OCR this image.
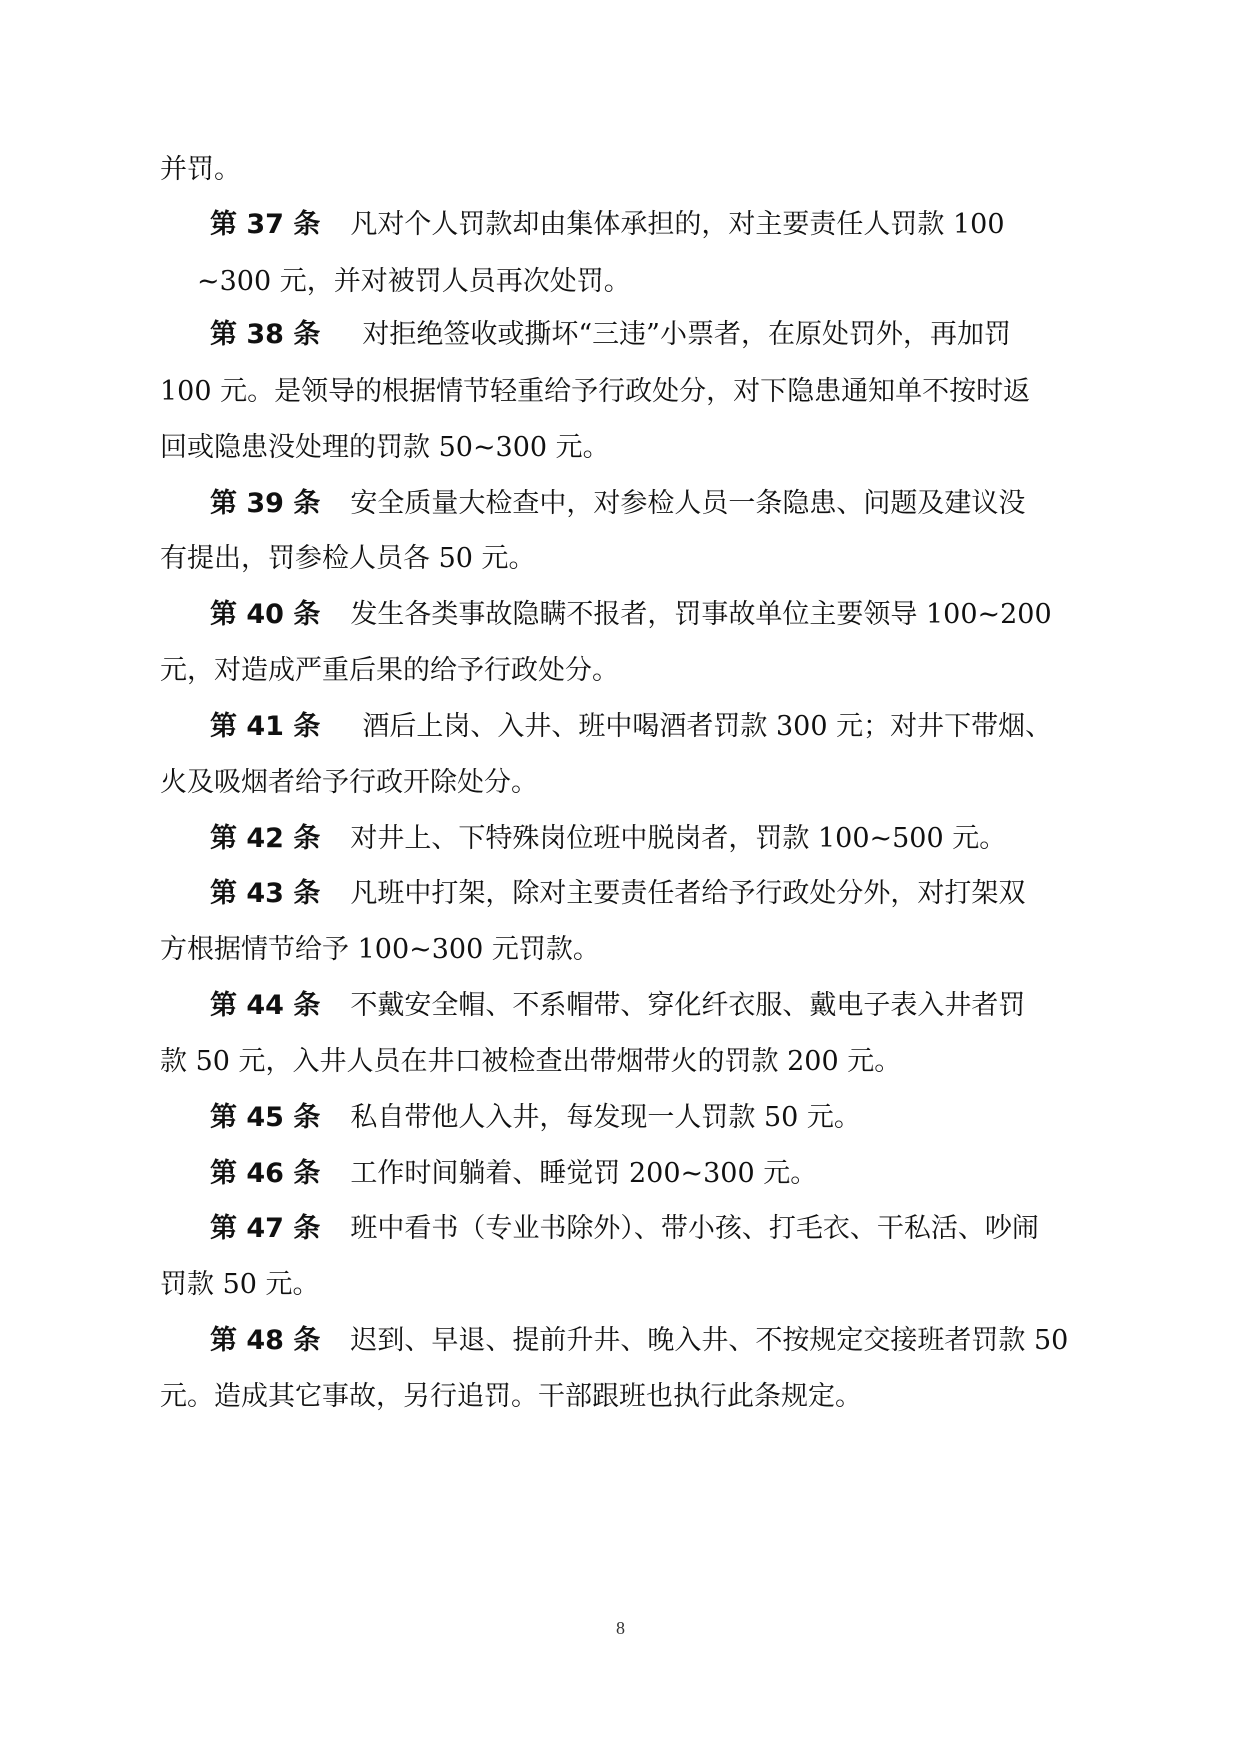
并罚。
第 37 条 凡对个人罚款却由集体承担的，对主要责任人罚款 100
~300 元，并对被罚人员再次处罚。
第 38 条 对拒绝签收或撕坏“三违”小票者，在原处罚外，再加罚
100 元。是领导的根据情节轻重给予行政处分，对下隐患通知单不按时返
回或隐患没处理的罚款 50~300 元。
第 39 条 安全质量大检查中，对参检人员一条隐患、问题及建议没
有提出，罚参检人员各 50 元。
第 40 条 发生各类事故隐瞒不报者，罚事故单位主要领导 100~200
元，对造成严重后果的给予行政处分。
第 41 条 酒后上岗、入井、班中喝酒者罚款 300 元；对井下带烟、
火及吸烟者给予行政开除处分。
第 42 条 对井上、下特殊岗位班中脱岗者，罚款 100~500 元。
第 43 条 凡班中打架，除对主要责任者给予行政处分外，对打架双
方根据情节给予 100~300 元罚款。
第 44 条 不戴安全帽、不系帽带、穿化纤衣服、戴电子表入井者罚
款 50 元，入井人员在井口被检查出带烟带火的罚款 200 元。
第 45 条 私自带他人入井，每发现一人罚款 50 元。
第 46 条 工作时间躺着、睡觉罚 200~300 元。
第 47 条 班中看书（专业书除外）、带小孩、打毛衣、干私活、吵闹
罚款 50 元。
第 48 条 迟到、早退、提前升井、晚入井、不按规定交接班者罚款 50
元。造成其它事故，另行追罚。干部跟班也执行此条规定。
8
